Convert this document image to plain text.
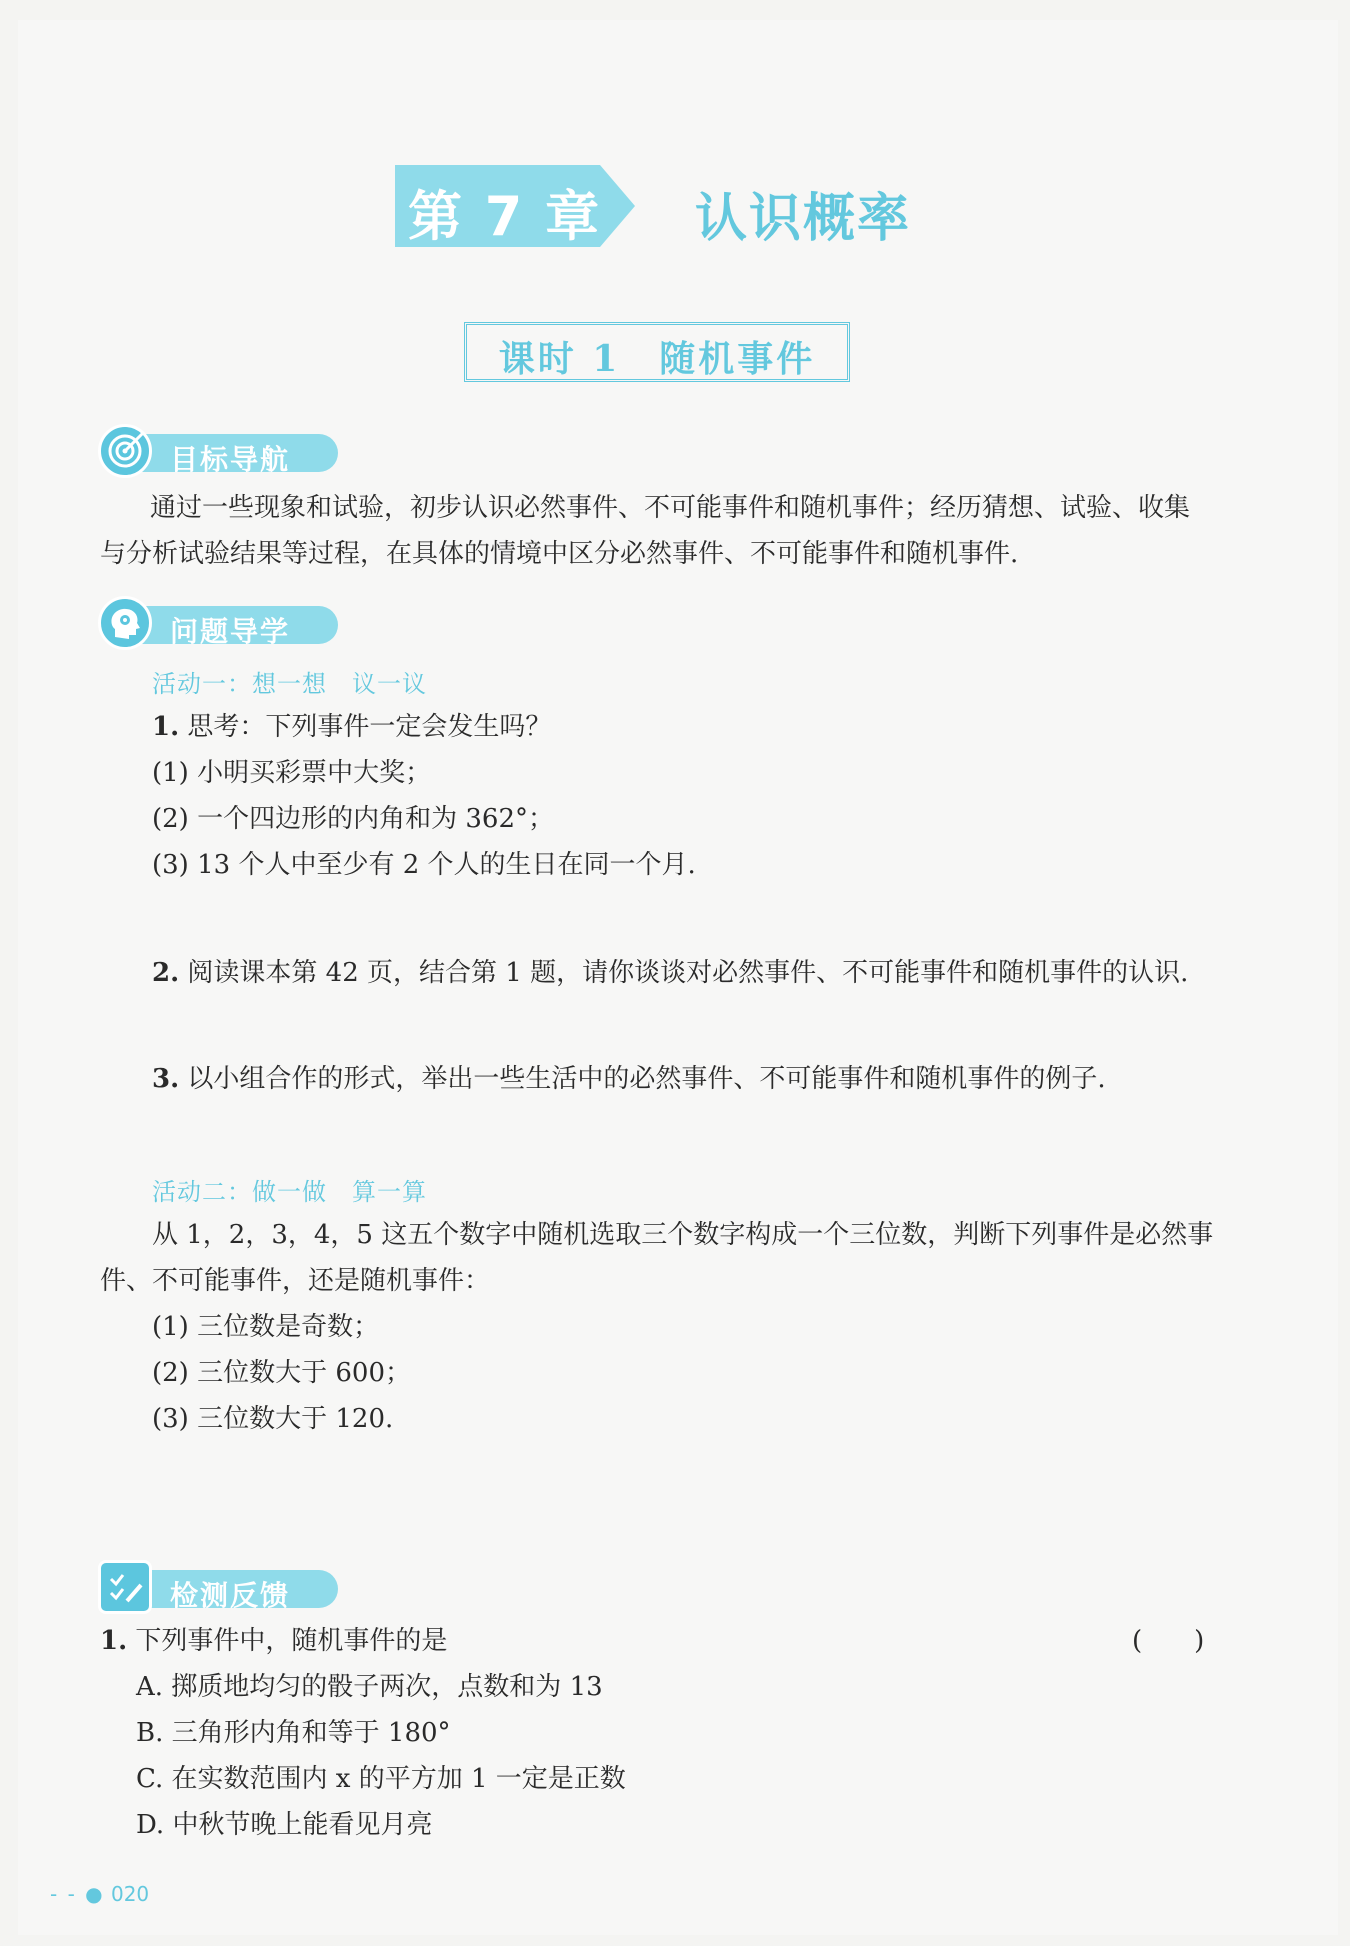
第 7 章 认识概率
课时 1　随机事件
目标导航
通过一些现象和试验，初步认识必然事件、不可能事件和随机事件；经历猜想、试验、收集
与分析试验结果等过程，在具体的情境中区分必然事件、不可能事件和随机事件.
问题导学
活动一：想一想　议一议
1. 思考：下列事件一定会发生吗？
(1) 小明买彩票中大奖；
(2) 一个四边形的内角和为 362°；
(3) 13 个人中至少有 2 个人的生日在同一个月.
2. 阅读课本第 42 页，结合第 1 题，请你谈谈对必然事件、不可能事件和随机事件的认识.
3. 以小组合作的形式，举出一些生活中的必然事件、不可能事件和随机事件的例子.
活动二：做一做　算一算
从 1，2，3，4，5 这五个数字中随机选取三个数字构成一个三位数，判断下列事件是必然事
件、不可能事件，还是随机事件：
(1) 三位数是奇数；
(2) 三位数大于 600；
(3) 三位数大于 120.
检测反馈
1. 下列事件中，随机事件的是	(　　)
A. 掷质地均匀的骰子两次，点数和为 13
B. 三角形内角和等于 180°
C. 在实数范围内 x 的平方加 1 一定是正数
D. 中秋节晚上能看见月亮
- - ● 020
